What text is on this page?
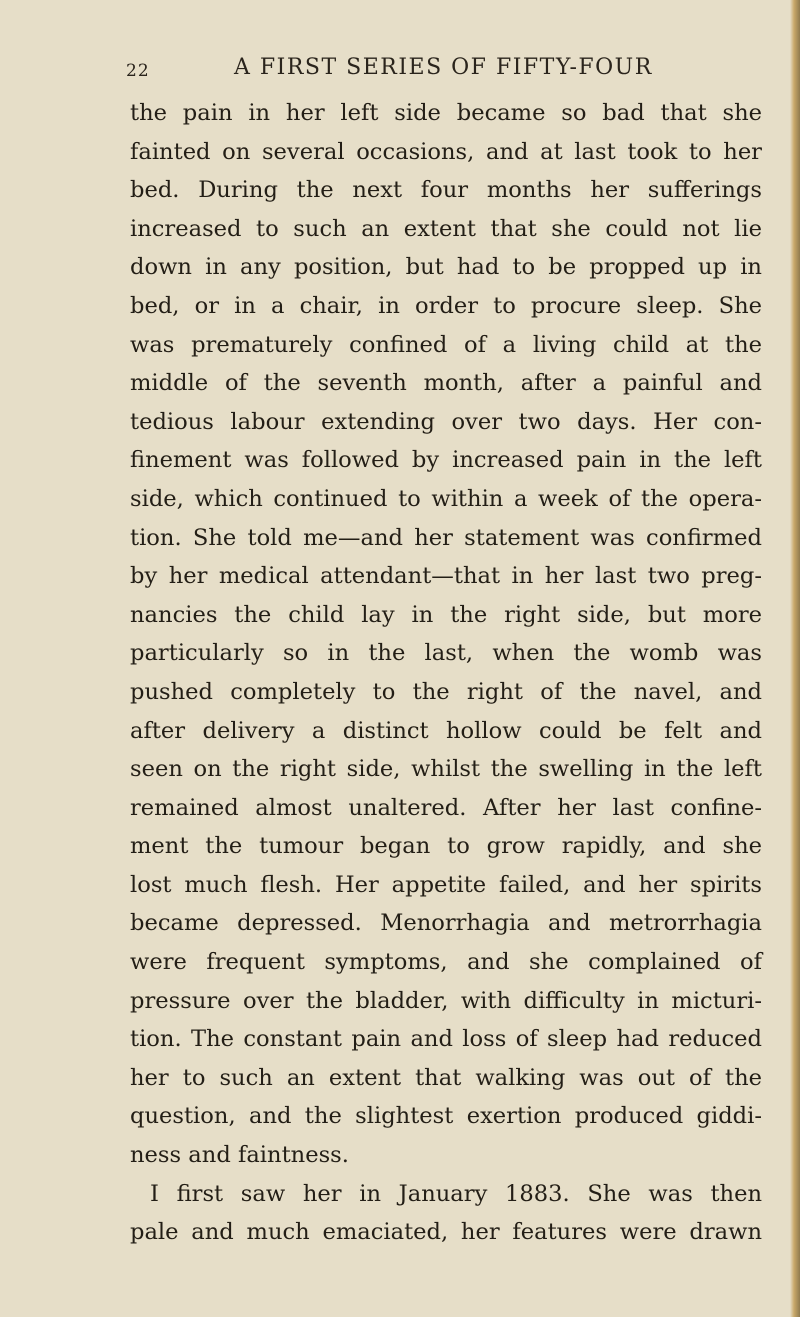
22	A FIRST SERIES OF FIFTY-FOUR
the pain in her left side became so bad that she
fainted on several occasions, and at last took to her
bed. During the next four months her sufferings
increased to such an extent that she could not lie
down in any position, but had to be propped up in
bed, or in a chair, in order to procure sleep. She
was prematurely confined of a living child at the
middle of the seventh month, after a painful and
tedious labour extending over two days. Her con-
finement was followed by increased pain in the left
side, which continued to within a week of the opera-
tion. She told me—and her statement was confirmed
by her medical attendant—that in her last two preg-
nancies the child lay in the right side, but more
particularly so in the last, when the womb was
pushed completely to the right of the navel, and
after delivery a distinct hollow could be felt and
seen on the right side, whilst the swelling in the left
remained almost unaltered. After her last confine-
ment the tumour began to grow rapidly, and she
lost much flesh. Her appetite failed, and her spirits
became depressed. Menorrhagia and metrorrhagia
were frequent symptoms, and she complained of
pressure over the bladder, with difficulty in micturi-
tion. The constant pain and loss of sleep had reduced
her to such an extent that walking was out of the
question, and the slightest exertion produced giddi-
ness and faintness.
I first saw her in January 1883. She was then
pale and much emaciated, her features were drawn
